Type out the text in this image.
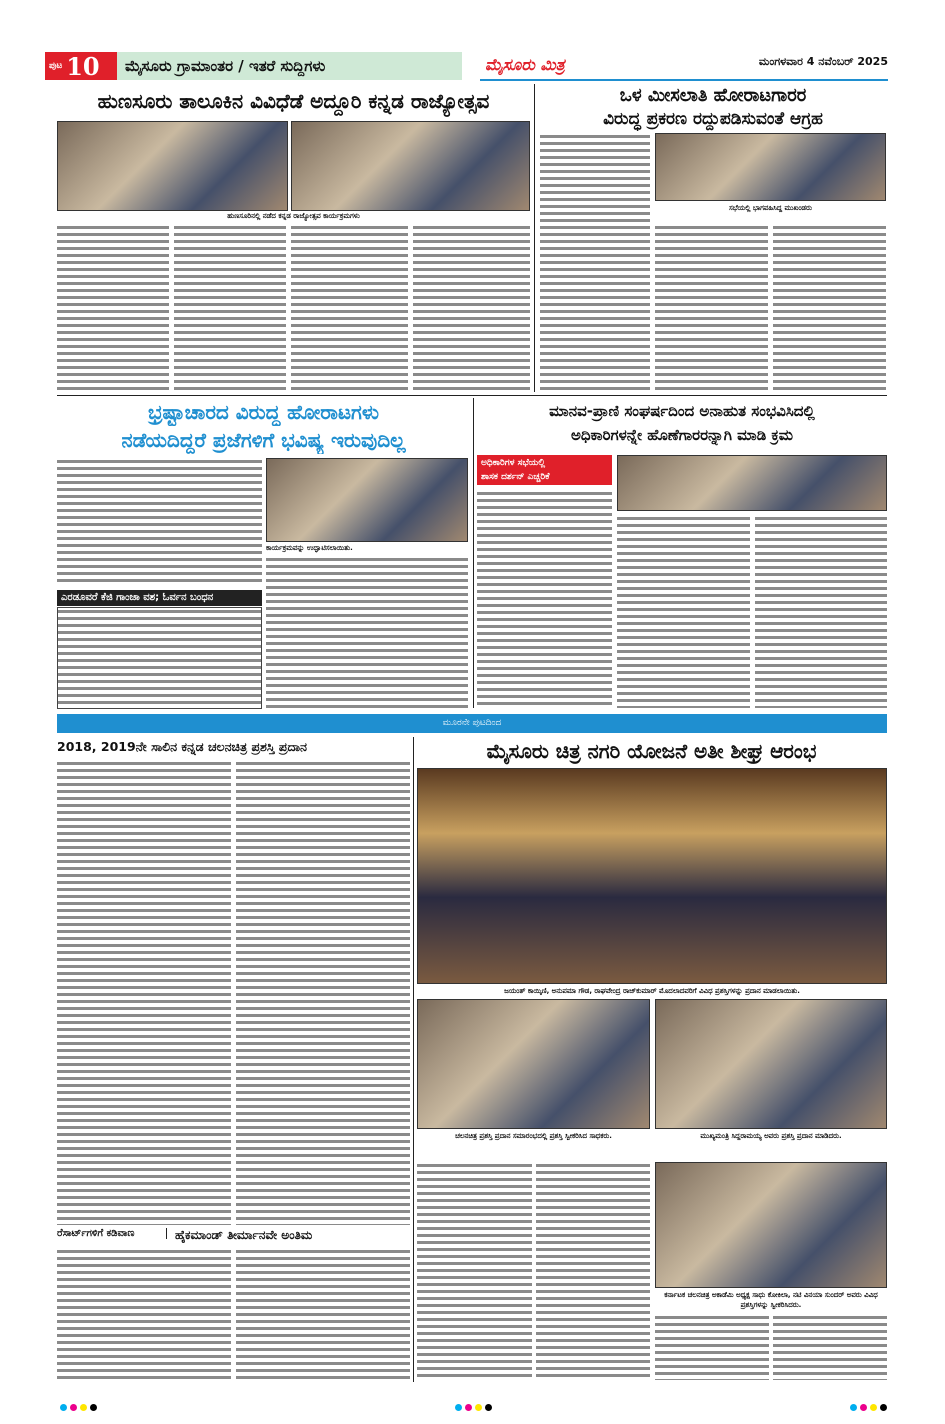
ಪುಟ 10	ಮೈಸೂರು ಗ್ರಾಮಾಂತರ / ಇತರೆ ಸುದ್ದಿಗಳು	ಮೈಸೂರು ಮಿತ್ರ	ಮಂಗಳವಾರ 4 ನವೆಂಬರ್ 2025
ಹುಣಸೂರು ತಾಲೂಕಿನ ವಿವಿಧೆಡೆ ಅದ್ದೂರಿ ಕನ್ನಡ ರಾಜ್ಯೋತ್ಸವ
ಹುಣಸೂರಿನಲ್ಲಿ ನಡೆದ ಕನ್ನಡ ರಾಜ್ಯೋತ್ಸವ ಕಾರ್ಯಕ್ರಮಗಳು
ಒಳ ಮೀಸಲಾತಿ ಹೋರಾಟಗಾರರ
ವಿರುದ್ಧ ಪ್ರಕರಣ ರದ್ದುಪಡಿಸುವಂತೆ ಆಗ್ರಹ
ಸಭೆಯಲ್ಲಿ ಭಾಗವಹಿಸಿದ್ದ ಮುಖಂಡರು
ಭ್ರಷ್ಟಾಚಾರದ ವಿರುದ್ಧ ಹೋರಾಟಗಳು
ನಡೆಯದಿದ್ದರೆ ಪ್ರಜೆಗಳಿಗೆ ಭವಿಷ್ಯ ಇರುವುದಿಲ್ಲ
ಕಾರ್ಯಕ್ರಮವನ್ನು ಉದ್ಘಾಟಿಸಲಾಯಿತು.
ಎರಡೂವರೆ ಕೆಜಿ ಗಾಂಜಾ ವಶ; ಓರ್ವನ ಬಂಧನ
ಮಾನವ-ಪ್ರಾಣಿ ಸಂಘರ್ಷದಿಂದ ಅನಾಹುತ ಸಂಭವಿಸಿದಲ್ಲಿ
ಅಧಿಕಾರಿಗಳನ್ನೇ ಹೊಣೆಗಾರರನ್ನಾಗಿ ಮಾಡಿ ಕ್ರಮ
ಅಧಿಕಾರಿಗಳ ಸಭೆಯಲ್ಲಿ
ಶಾಸಕ ದರ್ಶನ್ ಎಚ್ಚರಿಕೆ
ಮೂರನೇ ಪುಟದಿಂದ
2018, 2019ನೇ ಸಾಲಿನ ಕನ್ನಡ ಚಲನಚಿತ್ರ ಪ್ರಶಸ್ತಿ ಪ್ರದಾನ
ರೆಸಾರ್ಟ್‌ಗಳಿಗೆ ಕಡಿವಾಣ	ಹೈಕಮಾಂಡ್ ತೀರ್ಮಾನವೇ ಅಂತಿಮ
ಮೈಸೂರು ಚಿತ್ರ ನಗರಿ ಯೋಜನೆ ಅತೀ ಶೀಘ್ರ ಆರಂಭ
ಜಯಂತ್ ಕಾಯ್ಕಿಣಿ, ಅನುಪಮಾ ಗೌಡ, ರಾಘವೇಂದ್ರ ರಾಜ್‌ಕುಮಾರ್ ಮೊದಲಾದವರಿಗೆ ವಿವಿಧ ಪ್ರಶಸ್ತಿಗಳನ್ನು ಪ್ರದಾನ ಮಾಡಲಾಯಿತು.
ಚಲನಚಿತ್ರ ಪ್ರಶಸ್ತಿ ಪ್ರದಾನ ಸಮಾರಂಭದಲ್ಲಿ ಪ್ರಶಸ್ತಿ ಸ್ವೀಕರಿಸಿದ ಸಾಧಕರು.	ಮುಖ್ಯಮಂತ್ರಿ ಸಿದ್ದರಾಮಯ್ಯ ಅವರು ಪ್ರಶಸ್ತಿ ಪ್ರದಾನ ಮಾಡಿದರು.
ಕರ್ನಾಟಕ ಚಲನಚಿತ್ರ ಅಕಾಡೆಮಿ ಅಧ್ಯಕ್ಷ ಸಾಧು ಕೋಕಿಲಾ, ನಟಿ ವಿನಯಾ ಸುಂದರ್ ಅವರು ವಿವಿಧ ಪ್ರಶಸ್ತಿಗಳನ್ನು ಸ್ವೀಕರಿಸಿದರು.
